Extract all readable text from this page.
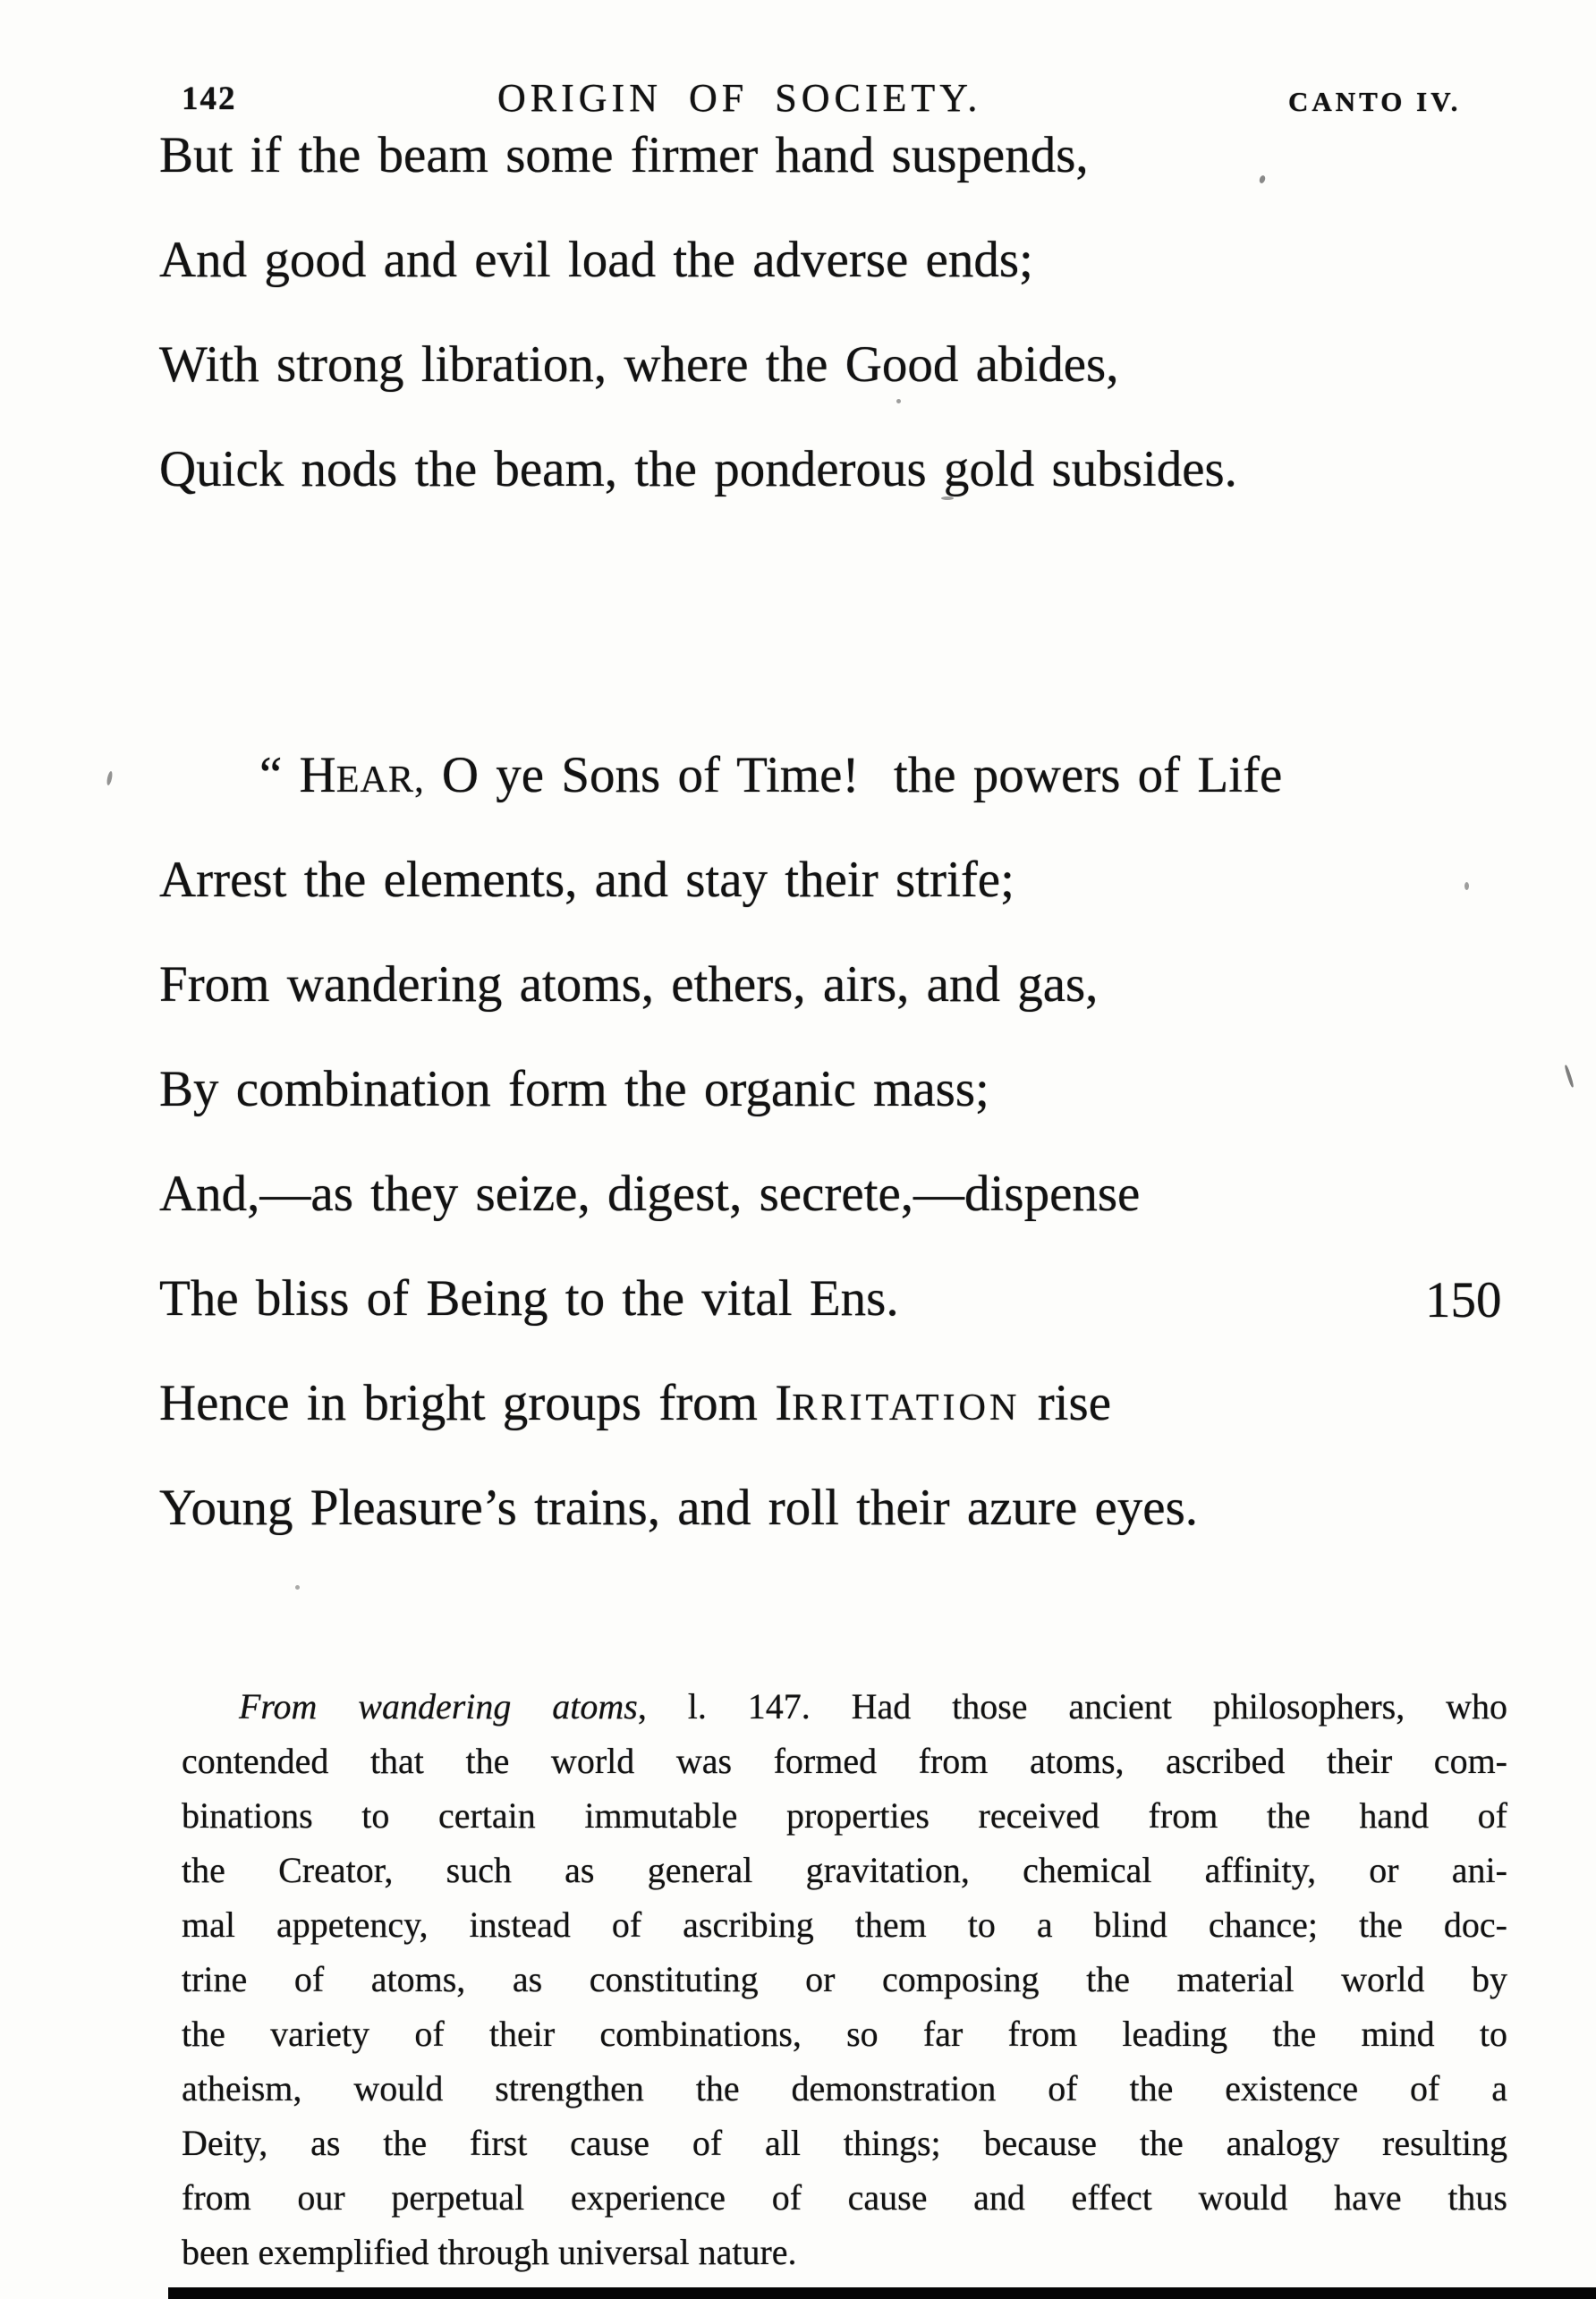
142	ORIGIN OF SOCIETY.	CANTO IV.
But if the beam some firmer hand suspends,
And good and evil load the adverse ends;
With strong libration, where the Good abides,
Quick nods the beam, the ponderous gold subsides.
“ HEAR, O ye Sons of Time!  the powers of Life
Arrest the elements, and stay their strife;
From wandering atoms, ethers, airs, and gas,
By combination form the organic mass;
And,—as they seize, digest, secrete,—dispense
The bliss of Being to the vital Ens.	150
Hence in bright groups from IRRITATION rise
Young Pleasure’s trains, and roll their azure eyes.
From wandering atoms, l. 147. Had those ancient philosophers, who
contended that the world was formed from atoms, ascribed their com-
binations to certain immutable properties received from the hand of
the Creator, such as general gravitation, chemical affinity, or ani-
mal appetency, instead of ascribing them to a blind chance; the doc-
trine of atoms, as constituting or composing the material world by
the variety of their combinations, so far from leading the mind to
atheism, would strengthen the demonstration of the existence of a
Deity, as the first cause of all things; because the analogy resulting
from our perpetual experience of cause and effect would have thus
been exemplified through universal nature.
